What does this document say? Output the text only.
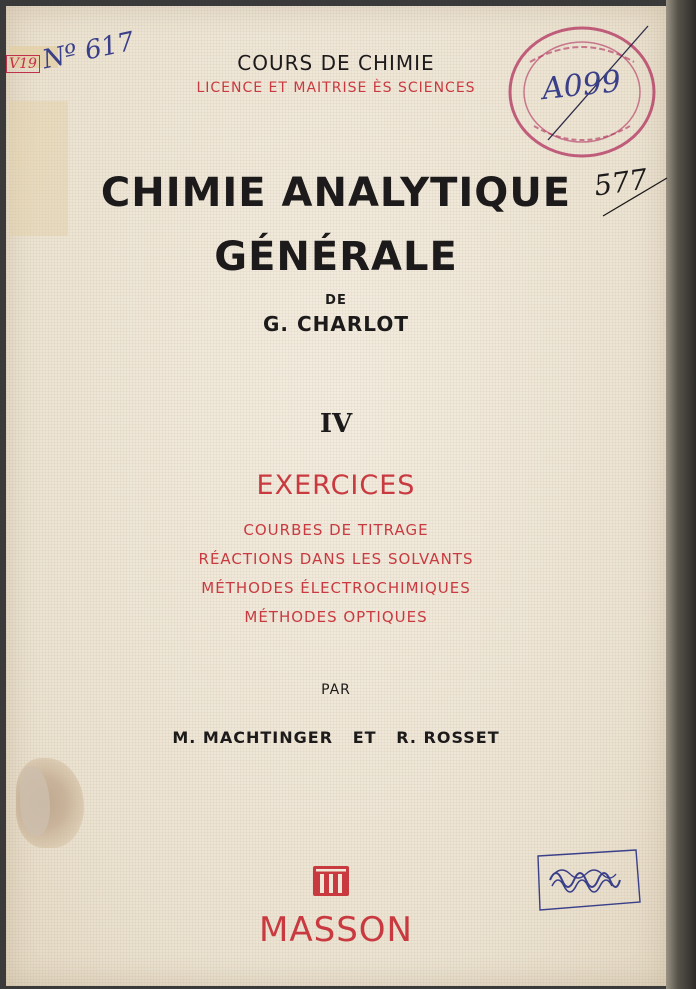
V19 Nº 617
A099
577
COURS DE CHIMIE
LICENCE ET MAITRISE ÈS SCIENCES
CHIMIE ANALYTIQUE
GÉNÉRALE
DE
G. CHARLOT
IV
EXERCICES
COURBES DE TITRAGE
RÉACTIONS DANS LES SOLVANTS
MÉTHODES ÉLECTROCHIMIQUES
MÉTHODES OPTIQUES
PAR
M. MACHTINGER   ET   R. ROSSET
MASSON
